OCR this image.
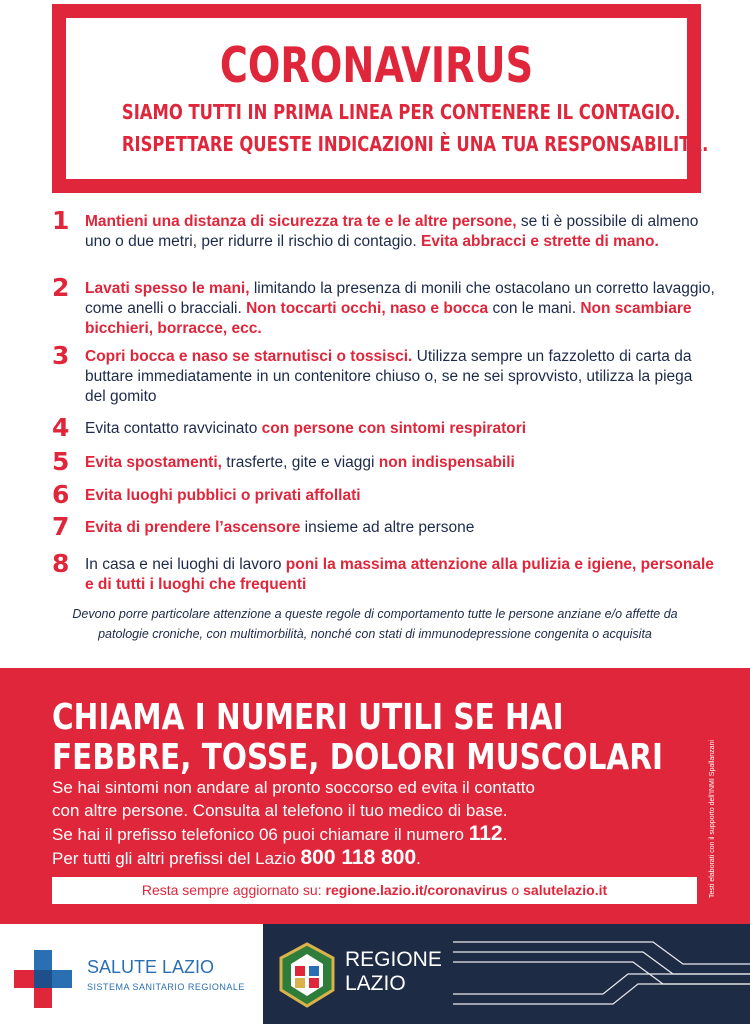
CORONAVIRUS
SIAMO TUTTI IN PRIMA LINEA PER CONTENERE IL CONTAGIO.
RISPETTARE QUESTE INDICAZIONI È UNA TUA RESPONSABILITÀ.
1	Mantieni una distanza di sicurezza tra te e le altre persone, se ti è possibile di almeno uno o due metri, per ridurre il rischio di contagio. Evita abbracci e strette di mano.
2	Lavati spesso le mani, limitando la presenza di monili che ostacolano un corretto lavaggio, come anelli o bracciali. Non toccarti occhi, naso e bocca con le mani. Non scambiare bicchieri, borracce, ecc.
3	Copri bocca e naso se starnutisci o tossisci. Utilizza sempre un fazzoletto di carta da buttare immediatamente in un contenitore chiuso o, se ne sei sprovvisto, utilizza la piega del gomito
4	Evita contatto ravvicinato con persone con sintomi respiratori
5	Evita spostamenti, trasferte, gite e viaggi non indispensabili
6	Evita luoghi pubblici o privati affollati
7	Evita di prendere l’ascensore insieme ad altre persone
8	In casa e nei luoghi di lavoro poni la massima attenzione alla pulizia e igiene, personale e di tutti i luoghi che frequenti
Devono porre particolare attenzione a queste regole di comportamento tutte le persone anziane e/o affette da patologie croniche, con multimorbilità, nonché con stati di immunodepressione congenita o acquisita
CHIAMA I NUMERI UTILI SE HAI
FEBBRE, TOSSE, DOLORI MUSCOLARI
Se hai sintomi non andare al pronto soccorso ed evita il contatto
con altre persone. Consulta al telefono il tuo medico di base.
Se hai il prefisso telefonico 06 puoi chiamare il numero 112.
Per tutti gli altri prefissi del Lazio 800 118 800.
Resta sempre aggiornato su: regione.lazio.it/coronavirus o salutelazio.it	Testi elaborati con il supporto dell’INMI Spallanzani
SALUTE LAZIO
SISTEMA SANITARIO REGIONALE
REGIONE
LAZIO
